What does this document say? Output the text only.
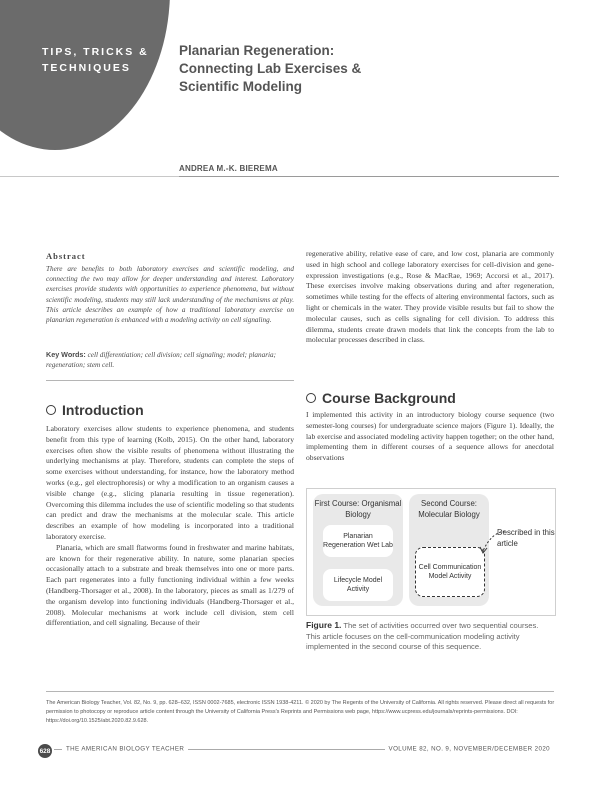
TIPS, TRICKS & TECHNIQUES
Planarian Regeneration: Connecting Lab Exercises & Scientific Modeling
ANDREA M.-K. BIEREMA
Abstract
There are benefits to both laboratory exercises and scientific modeling, and connecting the two may allow for deeper understanding and interest. Laboratory exercises provide students with opportunities to experience phenomena, but without scientific modeling, students may still lack understanding of the mechanisms at play. This article describes an example of how a traditional laboratory exercise on planarian regeneration is enhanced with a modeling activity on cell signaling.
Key Words: cell differentiation; cell division; cell signaling; model; planaria; regeneration; stem cell.
Introduction
Laboratory exercises allow students to experience phenomena, and students benefit from this type of learning (Kolb, 2015). On the other hand, laboratory exercises often show the visible results of phenomena without illustrating the underlying mechanisms at play. Therefore, students can complete the steps of some exercises without understanding, for instance, how the laboratory method works (e.g., gel electrophoresis) or why a modification to an organism causes a visible change (e.g., slicing planaria resulting in tissue regeneration). Overcoming this dilemma includes the use of scientific modeling so that students can predict and draw the mechanisms at the molecular scale. This article describes an example of how modeling is incorporated into a traditional laboratory exercise.
Planaria, which are small flatworms found in freshwater and marine habitats, are known for their regenerative ability. In nature, some planarian species occasionally attach to a substrate and break themselves into one or more parts. Each part regenerates into a fully functioning individual within a few weeks (Handberg-Thorsager et al., 2008). In the laboratory, pieces as small as 1/279 of the organism develop into functioning individuals (Handberg-Thorsager et al., 2008). Molecular mechanisms at work include cell division, stem cell differentiation, and cell signaling. Because of their
regenerative ability, relative ease of care, and low cost, planaria are commonly used in high school and college laboratory exercises for cell-division and gene-expression investigations (e.g., Rose & MacRae, 1969; Accorsi et al., 2017). These exercises involve making observations during and after regeneration, sometimes while testing for the effects of altering environmental factors, such as light or chemicals in the water. They provide visible results but fail to show the molecular causes, such as cells signaling for cell division. To address this dilemma, students create drawn models that link the concepts from the lab to molecular processes described in class.
Course Background
I implemented this activity in an introductory biology course sequence (two semester-long courses) for undergraduate science majors (Figure 1). Ideally, the lab exercise and associated modeling activity happen together; on the other hand, implementing them in different courses of a sequence allows for anecdotal observations
First Course: Organismal Biology
Planarian Regeneration Wet Lab
Lifecycle Model Activity
Second Course: Molecular Biology
Cell Communication Model Activity
Described in this article
Figure 1. The set of activities occurred over two sequential courses. This article focuses on the cell-communication modeling activity implemented in the second course of this sequence.
The American Biology Teacher, Vol. 82, No. 9, pp. 628–632, ISSN 0002-7685, electronic ISSN 1938-4211. © 2020 by The Regents of the University of California. All rights reserved. Please direct all requests for permission to photocopy or reproduce article content through the University of California Press's Reprints and Permissions web page, https://www.ucpress.edu/journals/reprints-permissions. DOI: https://doi.org/10.1525/abt.2020.82.9.628.
628	THE AMERICAN BIOLOGY TEACHER	VOLUME 82, NO. 9, NOVEMBER/DECEMBER 2020
